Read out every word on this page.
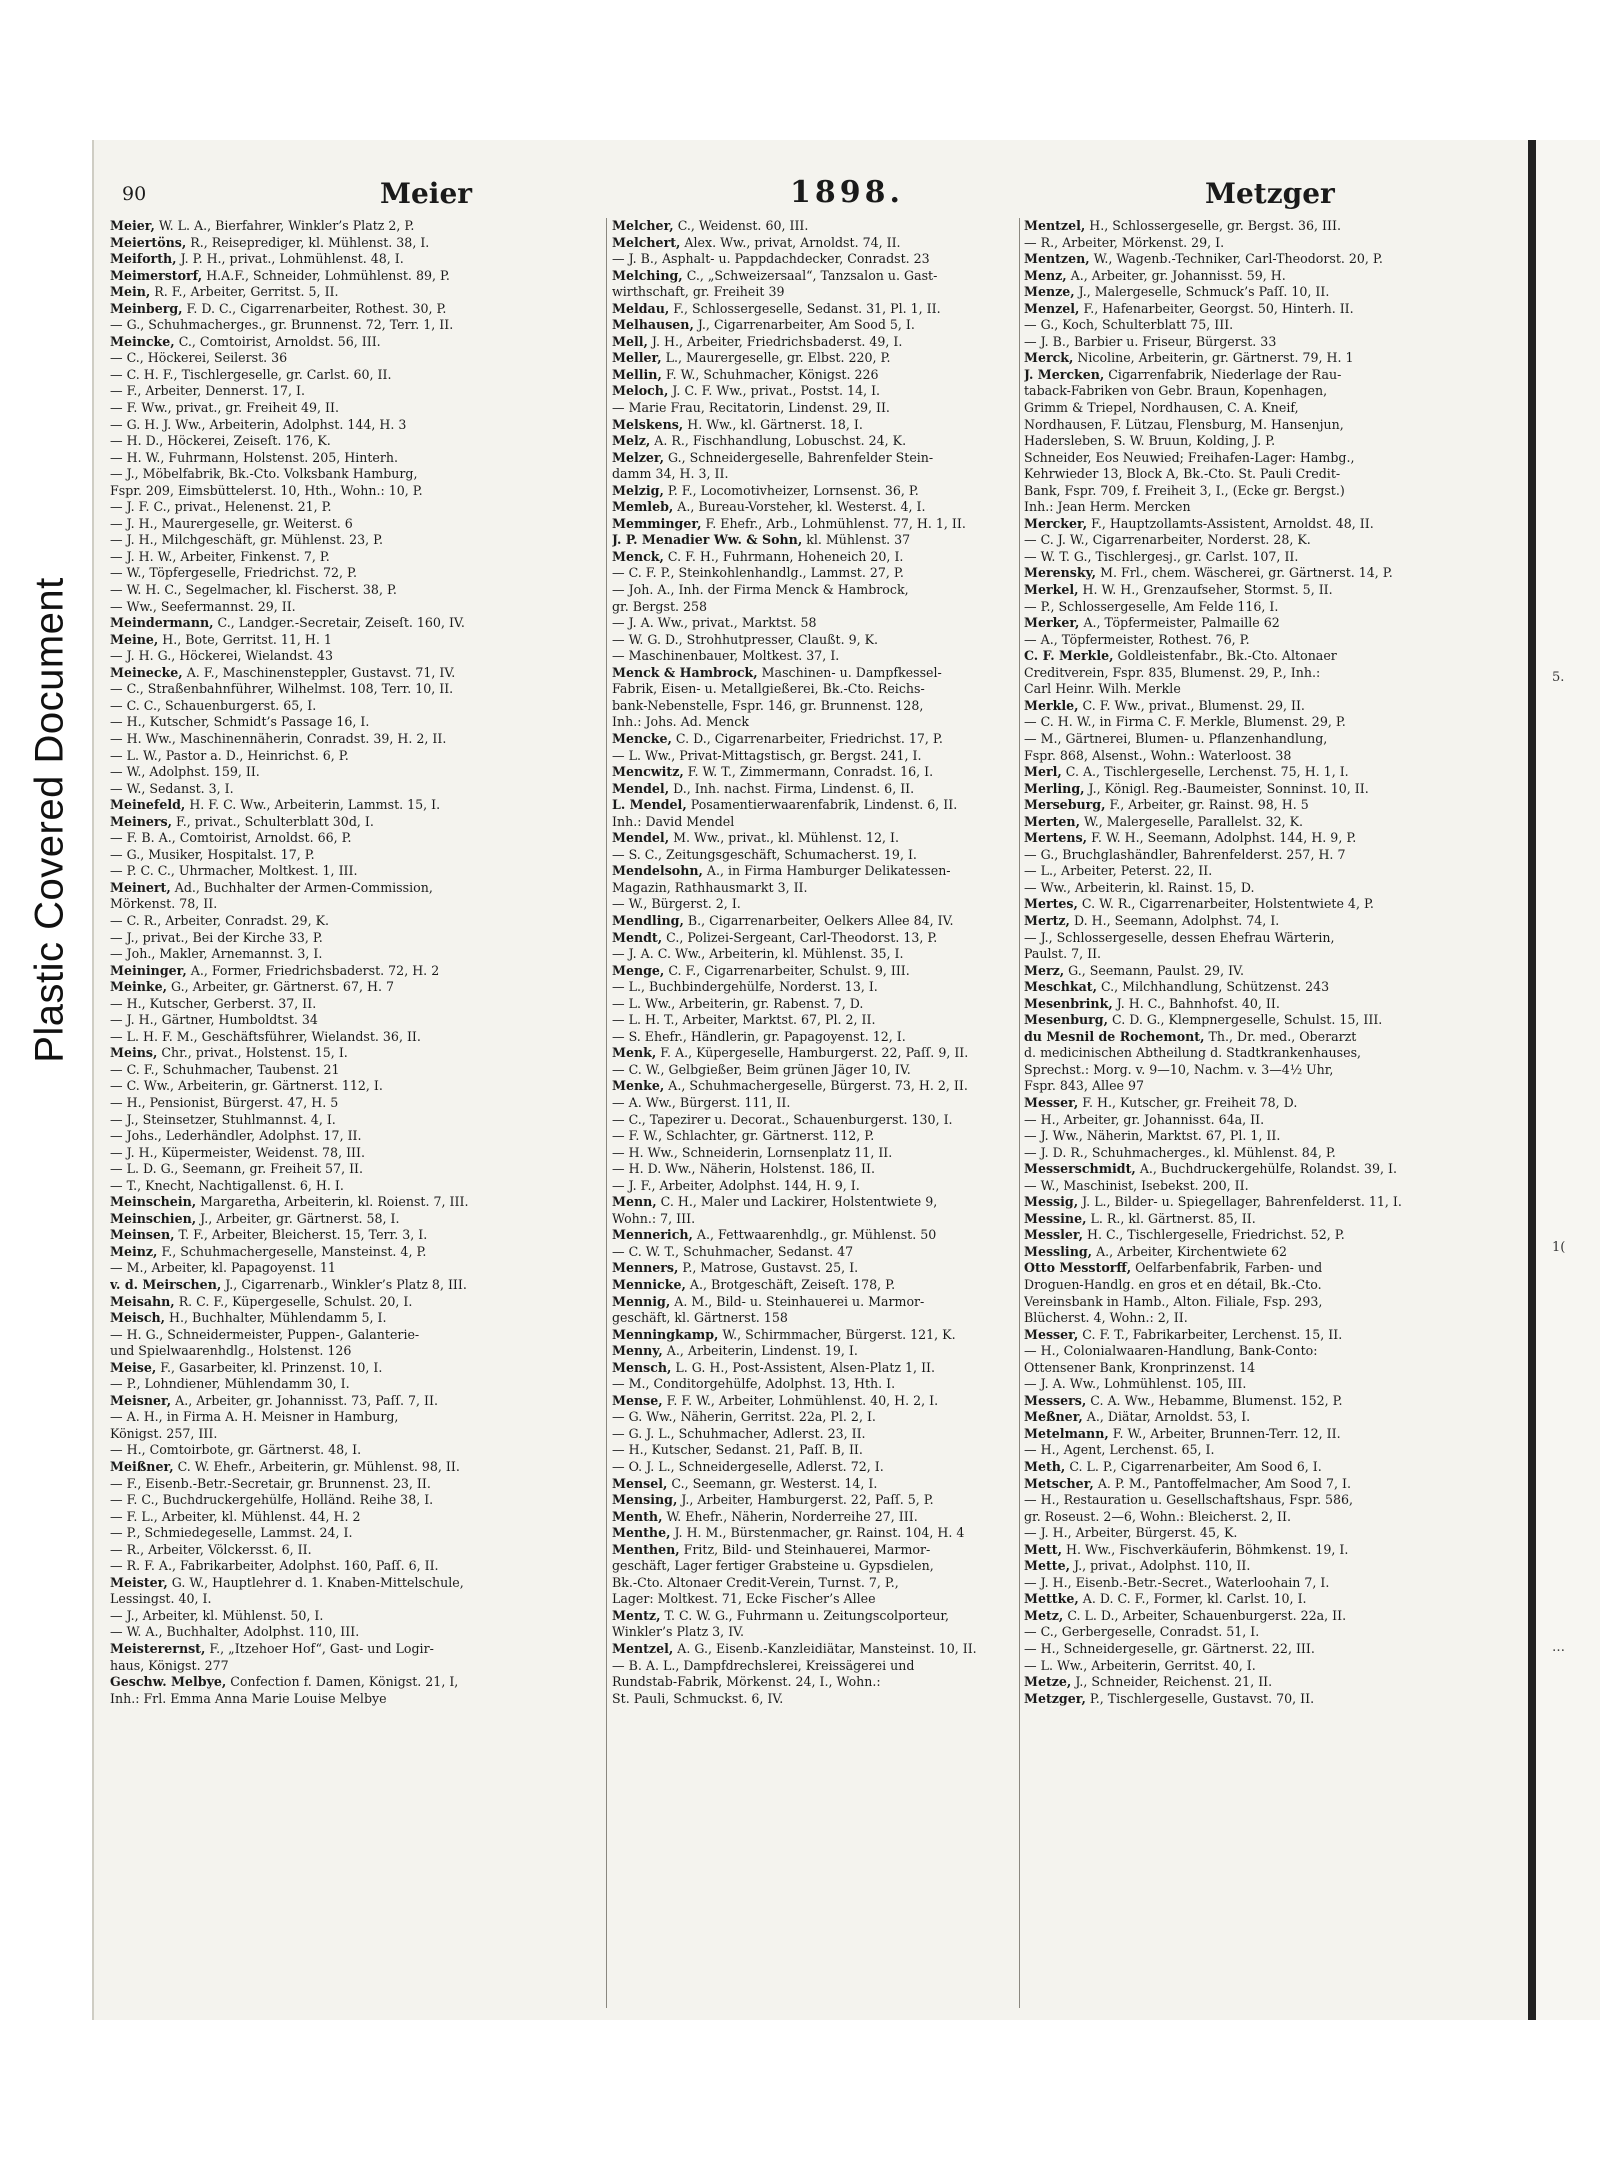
Plastic Covered Document	5.
1(
…
90	Meier	1898.	Metzger
Meier, W. L. A., Bierfahrer, Winkler’s Platz 2, P.
Meiertöns, R., Reiseprediger, kl. Mühlenst. 38, I.
Meiforth, J. P. H., privat., Lohmühlenst. 48, I.
Meimerstorf, H.A.F., Schneider, Lohmühlenst. 89, P.
Mein, R. F., Arbeiter, Gerritst. 5, II.
Meinberg, F. D. C., Cigarrenarbeiter, Rothest. 30, P.
— G., Schuhmacherges., gr. Brunnenst. 72, Terr. 1, II.
Meincke, C., Comtoirist, Arnoldst. 56, III.
— C., Höckerei, Seilerst. 36
— C. H. F., Tischlergeselle, gr. Carlst. 60, II.
— F., Arbeiter, Dennerst. 17, I.
— F. Ww., privat., gr. Freiheit 49, II.
— G. H. J. Ww., Arbeiterin, Adolphst. 144, H. 3
— H. D., Höckerei, Zeiseſt. 176, K.
— H. W., Fuhrmann, Holstenst. 205, Hinterh.
— J., Möbelfabrik, Bk.-Cto. Volksbank Hamburg,
Fspr. 209, Eimsbüttelerst. 10, Hth., Wohn.: 10, P.
— J. F. C., privat., Helenenst. 21, P.
— J. H., Maurergeselle, gr. Weiterst. 6
— J. H., Milchgeschäft, gr. Mühlenst. 23, P.
— J. H. W., Arbeiter, Finkenst. 7, P.
— W., Töpfergeselle, Friedrichst. 72, P.
— W. H. C., Segelmacher, kl. Fischerst. 38, P.
— Ww., Seefermannst. 29, II.
Meindermann, C., Landger.-Secretair, Zeiseſt. 160, IV.
Meine, H., Bote, Gerritst. 11, H. 1
— J. H. G., Höckerei, Wielandst. 43
Meinecke, A. F., Maschinensteppler, Gustavst. 71, IV.
— C., Straßenbahnführer, Wilhelmst. 108, Terr. 10, II.
— C. C., Schauenburgerst. 65, I.
— H., Kutscher, Schmidt’s Passage 16, I.
— H. Ww., Maschinennäherin, Conradst. 39, H. 2, II.
— L. W., Pastor a. D., Heinrichst. 6, P.
— W., Adolphst. 159, II.
— W., Sedanst. 3, I.
Meinefeld, H. F. C. Ww., Arbeiterin, Lammst. 15, I.
Meiners, F., privat., Schulterblatt 30d, I.
— F. B. A., Comtoirist, Arnoldst. 66, P.
— G., Musiker, Hospitalst. 17, P.
— P. C. C., Uhrmacher, Moltkest. 1, III.
Meinert, Ad., Buchhalter der Armen-Commission,
Mörkenst. 78, II.
— C. R., Arbeiter, Conradst. 29, K.
— J., privat., Bei der Kirche 33, P.
— Joh., Makler, Arnemannst. 3, I.
Meininger, A., Former, Friedrichsbaderst. 72, H. 2
Meinke, G., Arbeiter, gr. Gärtnerst. 67, H. 7
— H., Kutscher, Gerberst. 37, II.
— J. H., Gärtner, Humboldtst. 34
— L. H. F. M., Geschäftsführer, Wielandst. 36, II.
Meins, Chr., privat., Holstenst. 15, I.
— C. F., Schuhmacher, Taubenst. 21
— C. Ww., Arbeiterin, gr. Gärtnerst. 112, I.
— H., Pensionist, Bürgerst. 47, H. 5
— J., Steinsetzer, Stuhlmannst. 4, I.
— Johs., Lederhändler, Adolphst. 17, II.
— J. H., Küpermeister, Weidenst. 78, III.
— L. D. G., Seemann, gr. Freiheit 57, II.
— T., Knecht, Nachtigallenst. 6, H. I.
Meinschein, Margaretha, Arbeiterin, kl. Roienst. 7, III.
Meinschien, J., Arbeiter, gr. Gärtnerst. 58, I.
Meinsen, T. F., Arbeiter, Bleicherst. 15, Terr. 3, I.
Meinz, F., Schuhmachergeselle, Mansteinst. 4, P.
— M., Arbeiter, kl. Papagoyenst. 11
v. d. Meirschen, J., Cigarrenarb., Winkler’s Platz 8, III.
Meisahn, R. C. F., Küpergeselle, Schulst. 20, I.
Meisch, H., Buchhalter, Mühlendamm 5, I.
— H. G., Schneidermeister, Puppen-, Galanterie-
und Spielwaarenhdlg., Holstenst. 126
Meise, F., Gasarbeiter, kl. Prinzenst. 10, I.
— P., Lohndiener, Mühlendamm 30, I.
Meisner, A., Arbeiter, gr. Johannisst. 73, Paſſ. 7, II.
— A. H., in Firma A. H. Meisner in Hamburg,
Königst. 257, III.
— H., Comtoirbote, gr. Gärtnerst. 48, I.
Meißner, C. W. Ehefr., Arbeiterin, gr. Mühlenst. 98, II.
— F., Eisenb.-Betr.-Secretair, gr. Brunnenst. 23, II.
— F. C., Buchdruckergehülfe, Holländ. Reihe 38, I.
— F. L., Arbeiter, kl. Mühlenst. 44, H. 2
— P., Schmiedegeselle, Lammst. 24, I.
— R., Arbeiter, Völckersst. 6, II.
— R. F. A., Fabrikarbeiter, Adolphst. 160, Paſſ. 6, II.
Meister, G. W., Hauptlehrer d. 1. Knaben-Mittelschule,
Lessingst. 40, I.
— J., Arbeiter, kl. Mühlenst. 50, I.
— W. A., Buchhalter, Adolphst. 110, III.
Meisterernst, F., „Itzehoer Hof“, Gast- und Logir-
haus, Königst. 277
Geschw. Melbye, Confection f. Damen, Königst. 21, I,
Inh.: Frl. Emma Anna Marie Louise Melbye
Melcher, C., Weidenst. 60, III.
Melchert, Alex. Ww., privat, Arnoldst. 74, II.
— J. B., Asphalt- u. Pappdachdecker, Conradst. 23
Melching, C., „Schweizersaal“, Tanzsalon u. Gast-
wirthschaft, gr. Freiheit 39
Meldau, F., Schlossergeselle, Sedanst. 31, Pl. 1, II.
Melhausen, J., Cigarrenarbeiter, Am Sood 5, I.
Mell, J. H., Arbeiter, Friedrichsbaderst. 49, I.
Meller, L., Maurergeselle, gr. Elbst. 220, P.
Mellin, F. W., Schuhmacher, Königst. 226
Meloch, J. C. F. Ww., privat., Postst. 14, I.
— Marie Frau, Recitatorin, Lindenst. 29, II.
Melskens, H. Ww., kl. Gärtnerst. 18, I.
Melz, A. R., Fischhandlung, Lobuschst. 24, K.
Melzer, G., Schneidergeselle, Bahrenfelder Stein-
damm 34, H. 3, II.
Melzig, P. F., Locomotivheizer, Lornsenst. 36, P.
Memleb, A., Bureau-Vorsteher, kl. Westerst. 4, I.
Memminger, F. Ehefr., Arb., Lohmühlenst. 77, H. 1, II.
J. P. Menadier Ww. & Sohn, kl. Mühlenst. 37
Menck, C. F. H., Fuhrmann, Hoheneich 20, I.
— C. F. P., Steinkohlenhandlg., Lammst. 27, P.
— Joh. A., Inh. der Firma Menck & Hambrock,
gr. Bergst. 258
— J. A. Ww., privat., Marktst. 58
— W. G. D., Strohhutpresser, Claußt. 9, K.
— Maschinenbauer, Moltkest. 37, I.
Menck & Hambrock, Maschinen- u. Dampfkessel-
Fabrik, Eisen- u. Metallgießerei, Bk.-Cto. Reichs-
bank-Nebenstelle, Fspr. 146, gr. Brunnenst. 128,
Inh.: Johs. Ad. Menck
Mencke, C. D., Cigarrenarbeiter, Friedrichst. 17, P.
— L. Ww., Privat-Mittagstisch, gr. Bergst. 241, I.
Mencwitz, F. W. T., Zimmermann, Conradst. 16, I.
Mendel, D., Inh. nachst. Firma, Lindenst. 6, II.
L. Mendel, Posamentierwaarenfabrik, Lindenst. 6, II.
Inh.: David Mendel
Mendel, M. Ww., privat., kl. Mühlenst. 12, I.
— S. C., Zeitungsgeschäft, Schumacherst. 19, I.
Mendelsohn, A., in Firma Hamburger Delikatessen-
Magazin, Rathhausmarkt 3, II.
— W., Bürgerst. 2, I.
Mendling, B., Cigarrenarbeiter, Oelkers Allee 84, IV.
Mendt, C., Polizei-Sergeant, Carl-Theodorst. 13, P.
— J. A. C. Ww., Arbeiterin, kl. Mühlenst. 35, I.
Menge, C. F., Cigarrenarbeiter, Schulst. 9, III.
— L., Buchbindergehülfe, Norderst. 13, I.
— L. Ww., Arbeiterin, gr. Rabenst. 7, D.
— L. H. T., Arbeiter, Marktst. 67, Pl. 2, II.
— S. Ehefr., Händlerin, gr. Papagoyenst. 12, I.
Menk, F. A., Küpergeselle, Hamburgerst. 22, Paſſ. 9, II.
— C. W., Gelbgießer, Beim grünen Jäger 10, IV.
Menke, A., Schuhmachergeselle, Bürgerst. 73, H. 2, II.
— A. Ww., Bürgerst. 111, II.
— C., Tapezirer u. Decorat., Schauenburgerst. 130, I.
— F. W., Schlachter, gr. Gärtnerst. 112, P.
— H. Ww., Schneiderin, Lornsenplatz 11, II.
— H. D. Ww., Näherin, Holstenst. 186, II.
— J. F., Arbeiter, Adolphst. 144, H. 9, I.
Menn, C. H., Maler und Lackirer, Holstentwiete 9,
Wohn.: 7, III.
Mennerich, A., Fettwaarenhdlg., gr. Mühlenst. 50
— C. W. T., Schuhmacher, Sedanst. 47
Menners, P., Matrose, Gustavst. 25, I.
Mennicke, A., Brotgeschäft, Zeiseſt. 178, P.
Mennig, A. M., Bild- u. Steinhauerei u. Marmor-
geschäft, kl. Gärtnerst. 158
Menningkamp, W., Schirmmacher, Bürgerst. 121, K.
Menny, A., Arbeiterin, Lindenst. 19, I.
Mensch, L. G. H., Post-Assistent, Alsen-Platz 1, II.
— M., Conditorgehülfe, Adolphst. 13, Hth. I.
Mense, F. F. W., Arbeiter, Lohmühlenst. 40, H. 2, I.
— G. Ww., Näherin, Gerritst. 22a, Pl. 2, I.
— G. J. L., Schuhmacher, Adlerst. 23, II.
— H., Kutscher, Sedanst. 21, Paſſ. B, II.
— O. J. L., Schneidergeselle, Adlerst. 72, I.
Mensel, C., Seemann, gr. Westerst. 14, I.
Mensing, J., Arbeiter, Hamburgerst. 22, Paſſ. 5, P.
Menth, W. Ehefr., Näherin, Norderreihe 27, III.
Menthe, J. H. M., Bürstenmacher, gr. Rainst. 104, H. 4
Menthen, Fritz, Bild- und Steinhauerei, Marmor-
geschäft, Lager fertiger Grabsteine u. Gypsdielen,
Bk.-Cto. Altonaer Credit-Verein, Turnst. 7, P.,
Lager: Moltkest. 71, Ecke Fischer’s Allee
Mentz, T. C. W. G., Fuhrmann u. Zeitungscolporteur,
Winkler’s Platz 3, IV.
Mentzel, A. G., Eisenb.-Kanzleidiätar, Mansteinst. 10, II.
— B. A. L., Dampfdrechslerei, Kreissägerei und
Rundstab-Fabrik, Mörkenst. 24, I., Wohn.:
St. Pauli, Schmuckst. 6, IV.
Mentzel, H., Schlossergeselle, gr. Bergst. 36, III.
— R., Arbeiter, Mörkenst. 29, I.
Mentzen, W., Wagenb.-Techniker, Carl-Theodorst. 20, P.
Menz, A., Arbeiter, gr. Johannisst. 59, H.
Menze, J., Malergeselle, Schmuck’s Paſſ. 10, II.
Menzel, F., Hafenarbeiter, Georgst. 50, Hinterh. II.
— G., Koch, Schulterblatt 75, III.
— J. B., Barbier u. Friseur, Bürgerst. 33
Merck, Nicoline, Arbeiterin, gr. Gärtnerst. 79, H. 1
J. Mercken, Cigarrenfabrik, Niederlage der Rau-
taback-Fabriken von Gebr. Braun, Kopenhagen,
Grimm & Triepel, Nordhausen, C. A. Kneif,
Nordhausen, F. Lützau, Flensburg, M. Hansenjun,
Hadersleben, S. W. Bruun, Kolding, J. P.
Schneider, Eos Neuwied; Freihafen-Lager: Hambg.,
Kehrwieder 13, Block A, Bk.-Cto. St. Pauli Credit-
Bank, Fspr. 709, f. Freiheit 3, I., (Ecke gr. Bergst.)
Inh.: Jean Herm. Mercken
Mercker, F., Hauptzollamts-Assistent, Arnoldst. 48, II.
— C. J. W., Cigarrenarbeiter, Norderst. 28, K.
— W. T. G., Tischlergesj., gr. Carlst. 107, II.
Merensky, M. Frl., chem. Wäscherei, gr. Gärtnerst. 14, P.
Merkel, H. W. H., Grenzaufseher, Stormst. 5, II.
— P., Schlossergeselle, Am Felde 116, I.
Merker, A., Töpfermeister, Palmaille 62
— A., Töpfermeister, Rothest. 76, P.
C. F. Merkle, Goldleistenfabr., Bk.-Cto. Altonaer
Creditverein, Fspr. 835, Blumenst. 29, P., Inh.:
Carl Heinr. Wilh. Merkle
Merkle, C. F. Ww., privat., Blumenst. 29, II.
— C. H. W., in Firma C. F. Merkle, Blumenst. 29, P.
— M., Gärtnerei, Blumen- u. Pflanzenhandlung,
Fspr. 868, Alsenst., Wohn.: Waterloost. 38
Merl, C. A., Tischlergeselle, Lerchenst. 75, H. 1, I.
Merling, J., Königl. Reg.-Baumeister, Sonninst. 10, II.
Merseburg, F., Arbeiter, gr. Rainst. 98, H. 5
Merten, W., Malergeselle, Parallelst. 32, K.
Mertens, F. W. H., Seemann, Adolphst. 144, H. 9, P.
— G., Bruchglashändler, Bahrenfelderst. 257, H. 7
— L., Arbeiter, Peterst. 22, II.
— Ww., Arbeiterin, kl. Rainst. 15, D.
Mertes, C. W. R., Cigarrenarbeiter, Holstentwiete 4, P.
Mertz, D. H., Seemann, Adolphst. 74, I.
— J., Schlossergeselle, dessen Ehefrau Wärterin,
Paulst. 7, II.
Merz, G., Seemann, Paulst. 29, IV.
Meschkat, C., Milchhandlung, Schützenst. 243
Mesenbrink, J. H. C., Bahnhofst. 40, II.
Mesenburg, C. D. G., Klempnergeselle, Schulst. 15, III.
du Mesnil de Rochemont, Th., Dr. med., Oberarzt
d. medicinischen Abtheilung d. Stadtkrankenhauses,
Sprechst.: Morg. v. 9—10, Nachm. v. 3—4½ Uhr,
Fspr. 843, Allee 97
Messer, F. H., Kutscher, gr. Freiheit 78, D.
— H., Arbeiter, gr. Johannisst. 64a, II.
— J. Ww., Näherin, Marktst. 67, Pl. 1, II.
— J. D. R., Schuhmacherges., kl. Mühlenst. 84, P.
Messerschmidt, A., Buchdruckergehülfe, Rolandst. 39, I.
— W., Maschinist, Isebekst. 200, II.
Messig, J. L., Bilder- u. Spiegellager, Bahrenfelderst. 11, I.
Messine, L. R., kl. Gärtnerst. 85, II.
Messler, H. C., Tischlergeselle, Friedrichst. 52, P.
Messling, A., Arbeiter, Kirchentwiete 62
Otto Messtorff, Oelfarbenfabrik, Farben- und
Droguen-Handlg. en gros et en détail, Bk.-Cto.
Vereinsbank in Hamb., Alton. Filiale, Fsp. 293,
Blücherst. 4, Wohn.: 2, II.
Messer, C. F. T., Fabrikarbeiter, Lerchenst. 15, II.
— H., Colonialwaaren-Handlung, Bank-Conto:
Ottensener Bank, Kronprinzenst. 14
— J. A. Ww., Lohmühlenst. 105, III.
Messers, C. A. Ww., Hebamme, Blumenst. 152, P.
Meßner, A., Diätar, Arnoldst. 53, I.
Metelmann, F. W., Arbeiter, Brunnen-Terr. 12, II.
— H., Agent, Lerchenst. 65, I.
Meth, C. L. P., Cigarrenarbeiter, Am Sood 6, I.
Metscher, A. P. M., Pantoffelmacher, Am Sood 7, I.
— H., Restauration u. Gesellschaftshaus, Fspr. 586,
gr. Roseust. 2—6, Wohn.: Bleicherst. 2, II.
— J. H., Arbeiter, Bürgerst. 45, K.
Mett, H. Ww., Fischverkäuferin, Böhmkenst. 19, I.
Mette, J., privat., Adolphst. 110, II.
— J. H., Eisenb.-Betr.-Secret., Waterloohain 7, I.
Mettke, A. D. C. F., Former, kl. Carlst. 10, I.
Metz, C. L. D., Arbeiter, Schauenburgerst. 22a, II.
— C., Gerbergeselle, Conradst. 51, I.
— H., Schneidergeselle, gr. Gärtnerst. 22, III.
— L. Ww., Arbeiterin, Gerritst. 40, I.
Metze, J., Schneider, Reichenst. 21, II.
Metzger, P., Tischlergeselle, Gustavst. 70, II.
